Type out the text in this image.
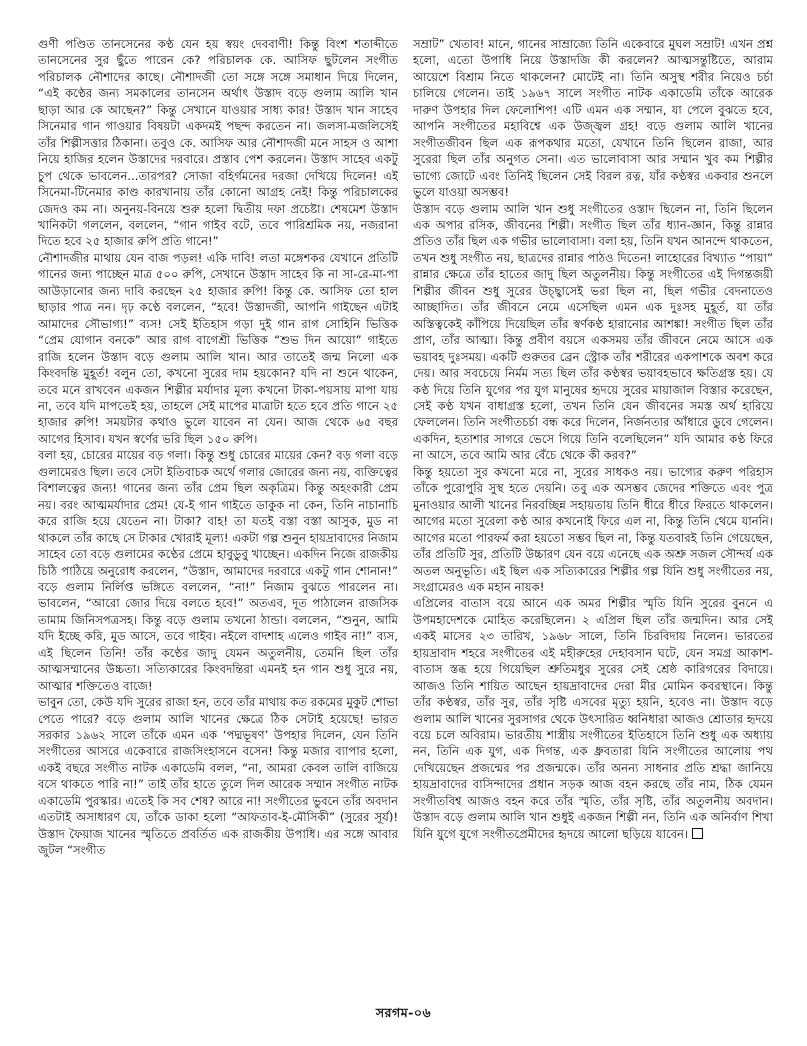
গুণী পণ্ডিত তানসেনের কণ্ঠ যেন হয় স্বয়ং দেববাণী! কিন্তু বিংশ শতাব্দীতে তানসেনের সুর ছুঁতে পারেন কে? পরিচালক কে. আসিফ ছুটলেন সংগীত পরিচালক নৌশাদের কাছে। নৌশাদজী তো সঙ্গে সঙ্গে সমাধান দিয়ে দিলেন, “এই কণ্ঠের জন্য সমকালের তানসেন অর্থাৎ উস্তাদ বড়ে গুলাম আলি খান ছাড়া আর কে আছেন?” কিন্তু সেখানে যাওয়ার সাধ্য কার! উস্তাদ খান সাহেব সিনেমার গান গাওয়ার বিষয়টা একদমই পছন্দ করতেন না। জলসা-মজলিসেই তাঁর শিল্পীসত্তার ঠিকানা। তবুও কে. আসিফ আর নৌশাদজী মনে সাহস ও আশা নিয়ে হাজির হলেন উস্তাদের দরবারে। প্রস্তাব পেশ করলেন। উস্তাদ সাহেব একটু চুপ থেকে ভাবলেন...তারপর? সোজা বহির্গমনের দরজা দেখিয়ে দিলেন! এই সিনেমা-টিনেমার কাণ্ড কারখানায় তাঁর কোনো আগ্রহ নেই! কিন্তু পরিচালকের জেদও কম না। অনুনয়-বিনয়ে শুরু হলো দ্বিতীয় দফা প্রচেষ্টা। শেষমেশ উস্তাদ খানিকটা গললেন, বললেন, “গান গাইব বটে, তবে পারিশ্রমিক নয়, নজরানা দিতে হবে ২৫ হাজার রুপি প্রতি গানে!”

নৌশাদজীর মাথায় যেন বাজ পড়ল! একি দাবি! লতা মঙ্গেশকর যেখানে প্রতিটি গানের জন্য পাচ্ছেন মাত্র ৫০০ রুপি, সেখানে উস্তাদ সাহেব কি না সা-রে-মা-পা আউড়ানোর জন্য দাবি করছেন ২৫ হাজার রুপি! কিন্তু কে. আসিফ তো হাল ছাড়ার পাত্র নন। দৃঢ় কণ্ঠে বললেন, “হবে! উস্তাদজী, আপনি গাইছেন এটাই আমাদের সৌভাগ্য!” ব্যস! সেই ইতিহাস গড়া দুই গান রাগ সোহিনি ভিত্তিক “প্রেম যোগান বনকে” আর রাগ বাগেশ্রী ভিত্তিক “শুভ দিন আয়ো” গাইতে রাজি হলেন উস্তাদ বড়ে গুলাম আলি খান। আর তাতেই জন্ম নিলো এক কিংবদন্তি মুহূর্ত! বলুন তো, কখনো সুরের দাম হয়কোন? যদি না শুনে থাকেন, তবে মনে রাখবেন একজন শিল্পীর মর্যাদার মূল্য কখনো টাকা-পয়সায় মাপা যায় না, তবে যদি মাপতেই হয়, তাহলে সেই মাপের মাত্রাটা হতে হবে প্রতি গানে ২৫ হাজার রুপি! সময়টার কথাও ভুলে যাবেন না যেন। আজ থেকে ৬৫ বছর আগের হিসাব। যখন স্বর্ণের ভরি ছিল ১৫০ রুপি।

বলা হয়, চোরের মায়ের বড় গলা। কিন্তু শুধু চোরের মায়ের কেন? বড় গলা বড়ে গুলামেরও ছিল। তবে সেটা ইতিবাচক অর্থে গলার জোরের জন্য নয়, ব্যক্তিত্বের বিশালত্বের জন্য! গানের জন্য তাঁর প্রেম ছিল অকৃত্রিম। কিন্তু অহংকারী প্রেম নয়। বরং আত্মমর্যাদার প্রেম! যে-ই গান গাইতে ডাকুক না কেন, তিনি নাচানাচি করে রাজি হয়ে যেতেন না। টাকা? বাহ! তা যতই বস্তা বস্তা আসুক, মুড না থাকলে তাঁর কাছে সে টাকার খোরাই মূল্য! একটা গল্প শুনুন হায়দ্রাবাদের নিজাম সাহেব তো বড়ে গুলামের কণ্ঠের প্রেমে হাবুডুবু খাচ্ছেন। একদিন নিজে রাজকীয় চিঠি পাঠিয়ে অনুরোধ করলেন, “উস্তাদ, আমাদের দরবারে একটু গান শোনান!” বড়ে গুলাম নির্লিপ্ত ভঙ্গিতে বললেন, “না!” নিজাম বুঝতে পারলেন না। ভাবলেন, “আরো জোর দিয়ে বলতে হবে!” অতএব, দূত পাঠালেন রাজসিক তামাম জিনিসপত্রসহ। কিন্তু বড়ে গুলাম তখনো ঠান্ডা। বললেন, “শুনুন, আমি যদি ইচ্ছে করি, মুড আসে, তবে গাইব। নইলে বাদশাহ এলেও গাইব না!” ব্যস, এই ছিলেন তিনি! তাঁর কণ্ঠের জাদু যেমন অতুলনীয়, তেমনি ছিল তাঁর আত্মসম্মানের উচ্চতা। সত্যিকারের কিংবদন্তিরা এমনই হন গান শুধু সুরে নয়, আত্মার শক্তিতেও বাজে!

ভাবুন তো, কেউ যদি সুরের রাজা হন, তবে তাঁর মাথায় কত রকমের মুকুট শোভা পেতে পারে? বড়ে গুলাম আলি খানের ক্ষেত্রে ঠিক সেটাই হয়েছে! ভারত সরকার ১৯৬২ সালে তাঁকে এমন এক ‘পদ্মভূষণ’ উপহার দিলেন, যেন তিনি সংগীতের আসরে একেবারে রাজসিংহাসনে বসেন! কিন্তু মজার ব্যাপার হলো, একই বছরে সংগীত নাটক একাডেমি বলল, “না, আমরা কেবল তালি বাজিয়ে বসে থাকতে পারি না!” তাই তাঁর হাতে তুলে দিল আরেক সম্মান সংগীত নাটক একাডেমি পুরস্কার। এতেই কি সব শেষ? আরে না! সংগীতের ভুবনে তাঁর অবদান এতটাই অসাধারণ যে, তাঁকে ডাকা হলো “আফতাব-ই-মৌসিকী” (সুরের সূর্য)! উস্তাদ ফৈয়াজ খানের স্মৃতিতে প্রবর্তিত এক রাজকীয় উপাধি। এর সঙ্গে আবার জুটল “সংগীত

সম্রাট” খেতাব! মানে, গানের সাম্রাজ্যে তিনি একেবারে মুঘল সম্রাট! এখন প্রশ্ন হলো, এতো উপাধি নিয়ে উস্তাদজি কী করলেন? আত্মসন্তুষ্টিতে, আরাম আয়েশে বিশ্রাম নিতে থাকলেন? মোটেই না। তিনি অসুস্থ শরীর নিয়েও চর্চা চালিয়ে গেলেন। তাই ১৯৬৭ সালে সংগীত নাটক একাডেমি তাঁকে আরেক দারুণ উপহার দিল ফেলোশিপ! এটি এমন এক সম্মান, যা পেলে বুঝতে হবে, আপনি সংগীতের মহাবিশ্বে এক উজ্জ্বল গ্রহ! বড়ে গুলাম আলি খানের সংগীতজীবন ছিল এক রূপকথার মতো, যেখানে তিনি ছিলেন রাজা, আর সুরেরা ছিল তাঁর অনুগত সেনা। এত ভালোবাসা আর সম্মান খুব কম শিল্পীর ভাগ্যে জোটে এবং তিনিই ছিলেন সেই বিরল রত্ন, যাঁর কণ্ঠস্বর একবার শুনলে ভুলে যাওয়া অসম্ভব!

উস্তাদ বড়ে গুলাম আলি খান শুধু সংগীতের ওস্তাদ ছিলেন না, তিনি ছিলেন এক অপার রসিক, জীবনের শিল্পী। সংগীত ছিল তাঁর ধ্যান-জ্ঞান, কিন্তু রান্নার প্রতিও তাঁর ছিল এক গভীর ভালোবাসা। বলা হয়, তিনি যখন আনন্দে থাকতেন, তখন শুধু সংগীত নয়, ছাত্রদের রান্নার পাঠও দিতেন! লাহোরের বিখ্যাত “পায়া” রান্নার ক্ষেত্রে তাঁর হাতের জাদু ছিল অতুলনীয়। কিন্তু সংগীতের এই দিগন্তজয়ী শিল্পীর জীবন শুধু সুরের উচ্ছ্বাসেই ভরা ছিল না, ছিল গভীর বেদনাতেও আচ্ছাদিত। তাঁর জীবনে নেমে এসেছিল এমন এক দুঃসহ মুহূর্ত, যা তাঁর অস্তিত্বকেই কাঁপিয়ে দিয়েছিল তাঁর স্বর্ণকণ্ঠ হারানোর আশঙ্কা! সংগীত ছিল তাঁর প্রাণ, তাঁর আত্মা। কিন্তু প্রবীণ বয়সে একসময় তাঁর জীবনে নেমে আসে এক ভয়াবহ দুঃসময়। একটি গুরুতর ব্রেন স্ট্রোক তাঁর শরীরের একপাশকে অবশ করে দেয়। আর সবচেয়ে নির্মম সত্য ছিল তাঁর কণ্ঠস্বর ভয়াবহভাবে ক্ষতিগ্রস্ত হয়। যে কণ্ঠ দিয়ে তিনি যুগের পর যুগ মানুষের হৃদয়ে সুরের মায়াজাল বিস্তার করেছেন, সেই কণ্ঠ যখন বাধাগ্রস্ত হলো, তখন তিনি যেন জীবনের সমস্ত অর্থ হারিয়ে ফেললেন। তিনি সংগীতচর্চা বন্ধ করে দিলেন, নির্জনতার আঁধারে ডুবে গেলেন। একদিন, হতাশার সাগরে ভেসে গিয়ে তিনি বলেছিলেন” যদি আমার কণ্ঠ ফিরে না আসে, তবে আমি আর বেঁচে থেকে কী করব?”

কিন্তু হয়তো সুর কখনো মরে না, সুরের সাধকও নয়। ভাগ্যের করুণ পরিহাস তাঁকে পুরোপুরি সুস্থ হতে দেয়নি। তবু এক অসম্ভব জেদের শক্তিতে এবং পুত্র মুনাওয়ার আলী খানের নিরবচ্ছিন্ন সহায়তায় তিনি ধীরে ধীরে ফিরতে থাকলেন। আগের মতো সুরেলা কণ্ঠ আর কখনোই ফিরে এল না, কিন্তু তিনি থেমে যাননি। আগের মতো পারফর্ম করা হয়তো সম্ভব ছিল না, কিন্তু যতবারই তিনি গেয়েছেন, তাঁর প্রতিটি সুর, প্রতিটি উচ্চারণ যেন বয়ে এনেছে এক অশ্রু সজল সৌন্দর্য এক অতল অনুভূতি। এই ছিল এক সত্যিকারের শিল্পীর গল্প যিনি শুধু সংগীতের নয়, সংগ্রামেরও এক মহান নায়ক!

এপ্রিলের বাতাস বয়ে আনে এক অমর শিল্পীর স্মৃতি যিনি সুরের বুননে এ উপমহাদেশকে মোহিত করেছিলেন। ২ এপ্রিল ছিল তাঁর জন্মদিন। আর সেই একই মাসের ২৩ তারিখ, ১৯৬৮ সালে, তিনি চিরবিদায় নিলেন। ভারতের হায়দ্রাবাদ শহরে সংগীতের এই মহীরুহের দেহাবসান ঘটে, যেন সমগ্র আকাশ-বাতাস স্তব্ধ হয়ে গিয়েছিল শ্রুতিমধুর সুরের সেই শ্রেষ্ঠ কারিগরের বিদায়ে। আজও তিনি শায়িত আছেন হায়দ্রাবাদের দেরা মীর মোমিন কবরস্থানে। কিন্তু তাঁর কণ্ঠস্বর, তাঁর সুর, তাঁর সৃষ্টি এসবের মৃত্যু হয়নি, হবেও না। উস্তাদ বড়ে গুলাম আলি খানের সুরসাগর থেকে উৎসারিত ধ্বনিধারা আজও শ্রোতার হৃদয়ে বয়ে চলে অবিরাম। ভারতীয় শাস্ত্রীয় সংগীতের ইতিহাসে তিনি শুধু এক অধ্যায় নন, তিনি এক যুগ, এক দিগন্ত, এক ধ্রুবতারা যিনি সংগীতের আলোয় পথ দেখিয়েছেন প্রজন্মের পর প্রজন্মকে। তাঁর অনন্য সাধনার প্রতি শ্রদ্ধা জানিয়ে হায়দ্রাবাদের বাসিন্দাদের প্রধান সড়ক আজ বহন করছে তাঁর নাম, ঠিক যেমন সংগীতবিশ্ব আজও বহন করে তাঁর স্মৃতি, তাঁর সৃষ্টি, তাঁর অতুলনীয় অবদান। উস্তাদ বড়ে গুলাম আলি খান শুধুই একজন শিল্পী নন, তিনি এক অনির্বাণ শিখা যিনি যুগে যুগে সংগীতপ্রেমীদের হৃদয়ে আলো ছড়িয়ে যাবেন।

সরগম-০৬
